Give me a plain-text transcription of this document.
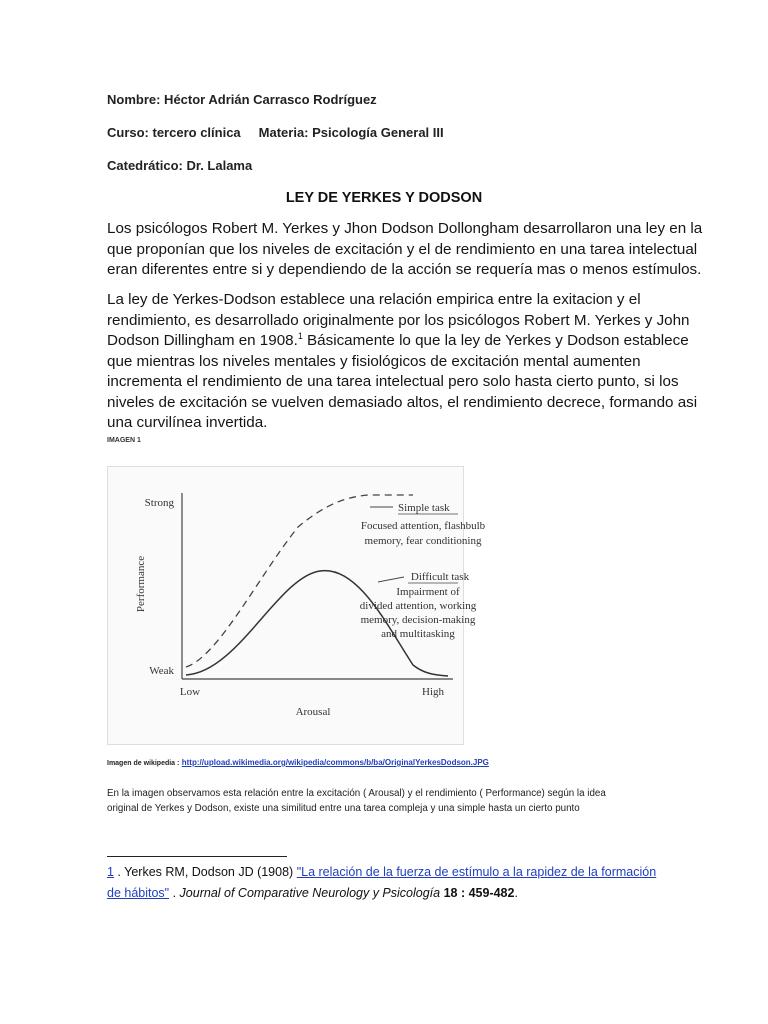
Nombre: Héctor Adrián Carrasco Rodríguez
Curso: tercero clínica Materia: Psicología General III
Catedrático: Dr. Lalama
LEY DE YERKES Y DODSON
Los psicólogos Robert M. Yerkes y Jhon Dodson Dollongham desarrollaron una ley en la
que proponían que los niveles de excitación y el de rendimiento en una tarea intelectual
eran diferentes entre si y dependiendo de la acción se requería mas o menos estímulos.
La ley de Yerkes-Dodson establece una relación empirica entre la exitacion y el
rendimiento, es desarrollado originalmente por los psicólogos Robert M. Yerkes y John
Dodson Dillingham en 1908.$^1$ Básicamente lo que la ley de Yerkes y Dodson establece
que mientras los niveles mentales y fisiológicos de excitación mental aumenten
incrementa el rendimiento de una tarea intelectual pero solo hasta cierto punto, si los
niveles de excitación se vuelven demasiado altos, el rendimiento decrece, formando asi
una curvilínea invertida.
IMAGEN 1
Strong
Weak
Low	High
Arousal
Performance
Simple task
Focused attention, flashbulb
memory, fear conditioning
Difficult task
Impairment of
divided attention, working
memory, decision-making
and multitasking
Imagen de wikipedia : http://upload.wikimedia.org/wikipedia/commons/b/ba/OriginalYerkesDodson.JPG
En la imagen observamos esta relación entre la excitación ( Arousal) y el rendimiento ( Performance) según la idea
original de Yerkes y Dodson, existe una similitud entre una tarea compleja y una simple hasta un cierto punto
1 . Yerkes RM, Dodson JD (1908) "La relación de la fuerza de estímulo a la rapidez de la formación
de hábitos" . Journal of Comparative Neurology y Psicología 18 : 459-482.
